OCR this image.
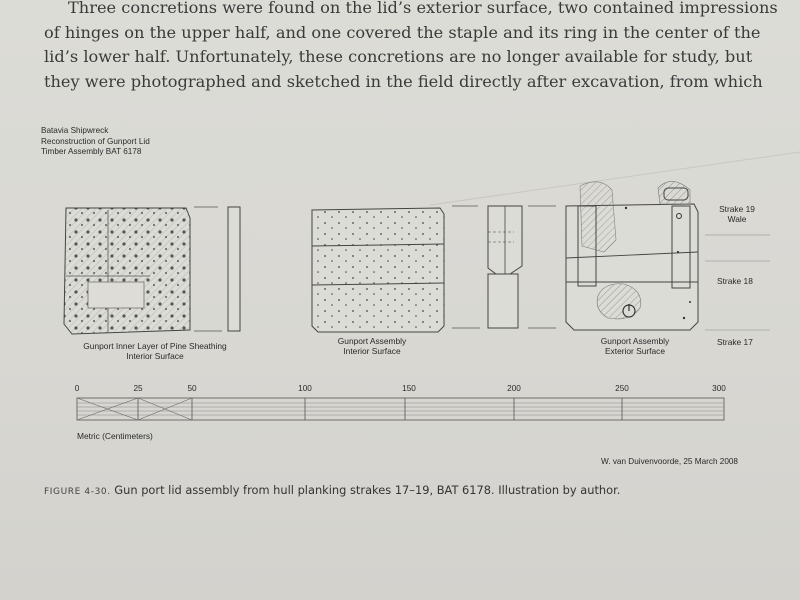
Three concretions were found on the lid’s exterior surface, two contained impressions
of hinges on the upper half, and one covered the staple and its ring in the center of the
lid’s lower half. Unfortunately, these concretions are no longer available for study, but
they were photographed and sketched in the field directly after excavation, from which
Batavia Shipwreck
Reconstruction of Gunport Lid
Timber Assembly BAT 6178
Gunport Inner Layer of Pine Sheathing
Interior Surface
Gunport Assembly
Interior Surface
Gunport Assembly
Exterior Surface
Strake 19
Wale
Strake 18
Strake 17
0	25	50	100	150	200	250	300
Metric (Centimeters)
W. van Duivenvoorde, 25 March 2008
FIGURE 4-30. Gun port lid assembly from hull planking strakes 17–19, BAT 6178. Illustration by author.
